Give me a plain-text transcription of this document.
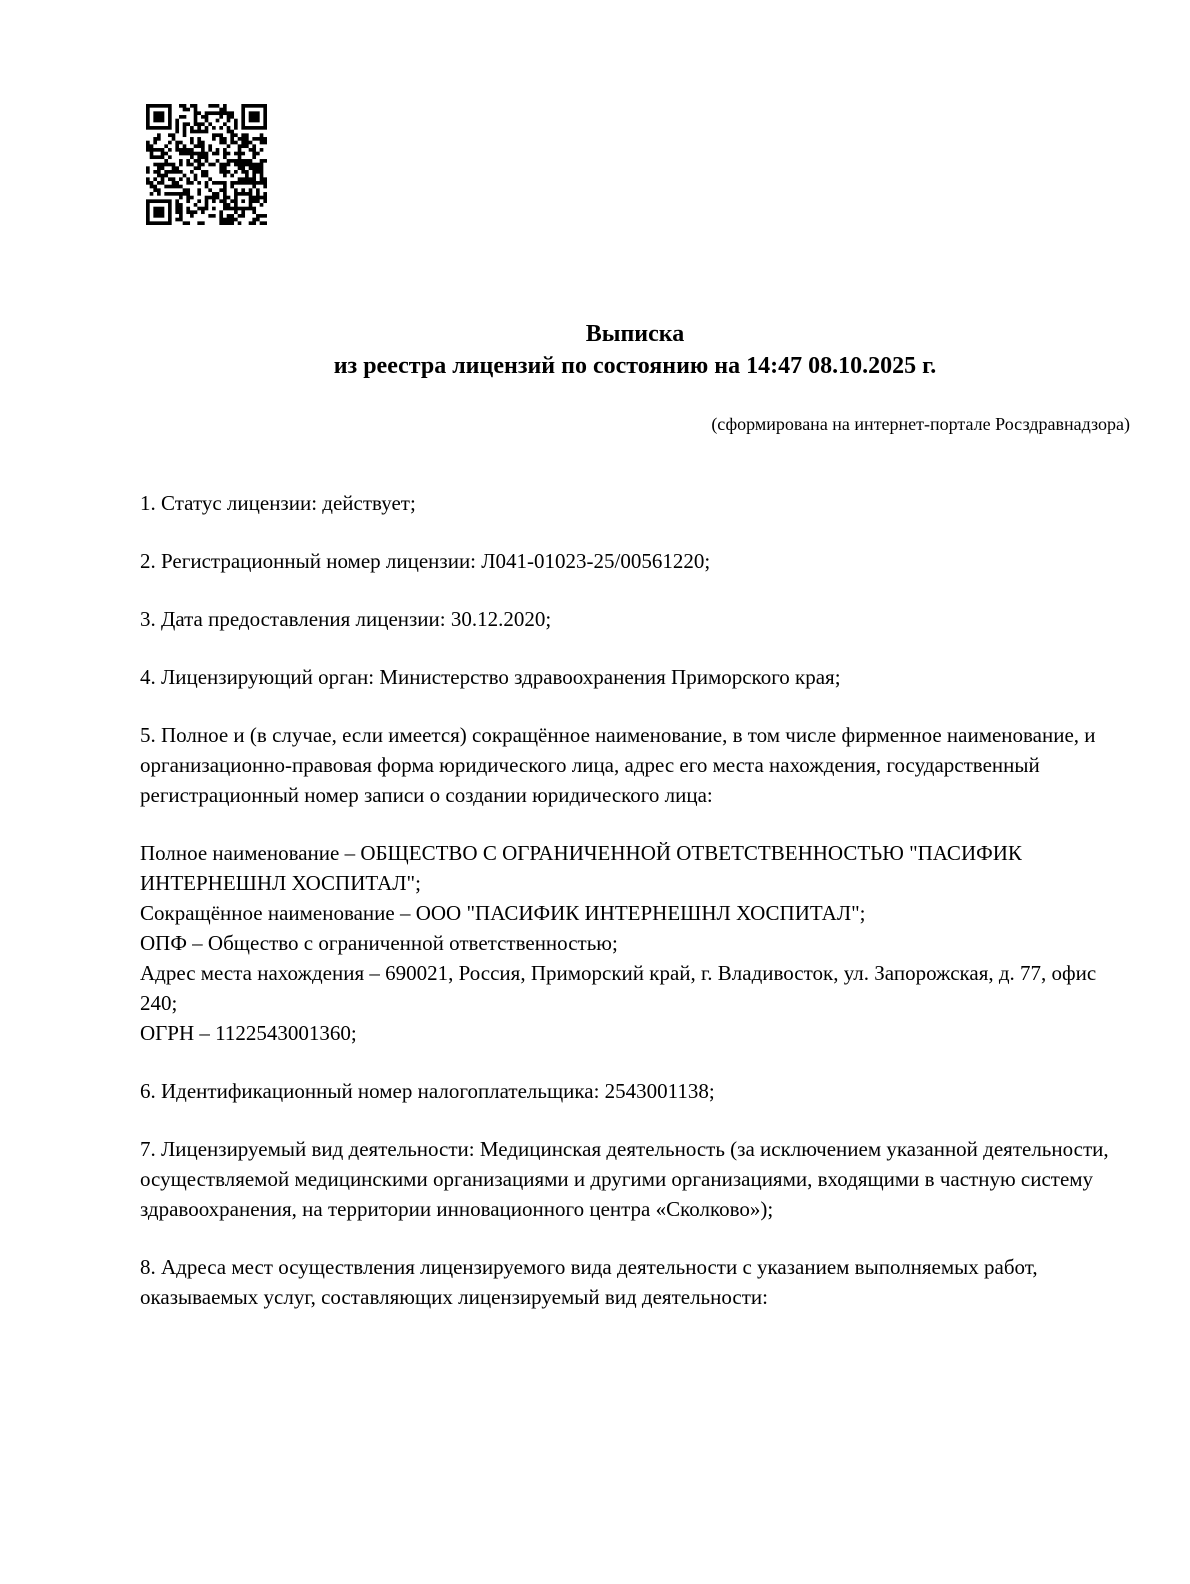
Выписка
из реестра лицензий по состоянию на 14:47 08.10.2025 г.
(сформирована на интернет-портале Росздравнадзора)

1. Статус лицензии: действует;

2. Регистрационный номер лицензии: Л041-01023-25/00561220;

3. Дата предоставления лицензии: 30.12.2020;

4. Лицензирующий орган: Министерство здравоохранения Приморского края;

5. Полное и (в случае, если имеется) сокращённое наименование, в том числе фирменное наименование, и организационно-правовая форма юридического лица, адрес его места нахождения, государственный регистрационный номер записи о создании юридического лица:

Полное наименование – ОБЩЕСТВО С ОГРАНИЧЕННОЙ ОТВЕТСТВЕННОСТЬЮ "ПАСИФИК ИНТЕРНЕШНЛ ХОСПИТАЛ";
Сокращённое наименование – ООО "ПАСИФИК ИНТЕРНЕШНЛ ХОСПИТАЛ";
ОПФ – Общество с ограниченной ответственностью;
Адрес места нахождения – 690021, Россия, Приморский край, г. Владивосток, ул. Запорожская, д. 77, офис 240;
ОГРН – 1122543001360;

6. Идентификационный номер налогоплательщика: 2543001138;

7. Лицензируемый вид деятельности: Медицинская деятельность (за исключением указанной деятельности, осуществляемой медицинскими организациями и другими организациями, входящими в частную систему здравоохранения, на территории инновационного центра «Сколково»);

8. Адреса мест осуществления лицензируемого вида деятельности с указанием выполняемых работ, оказываемых услуг, составляющих лицензируемый вид деятельности:
